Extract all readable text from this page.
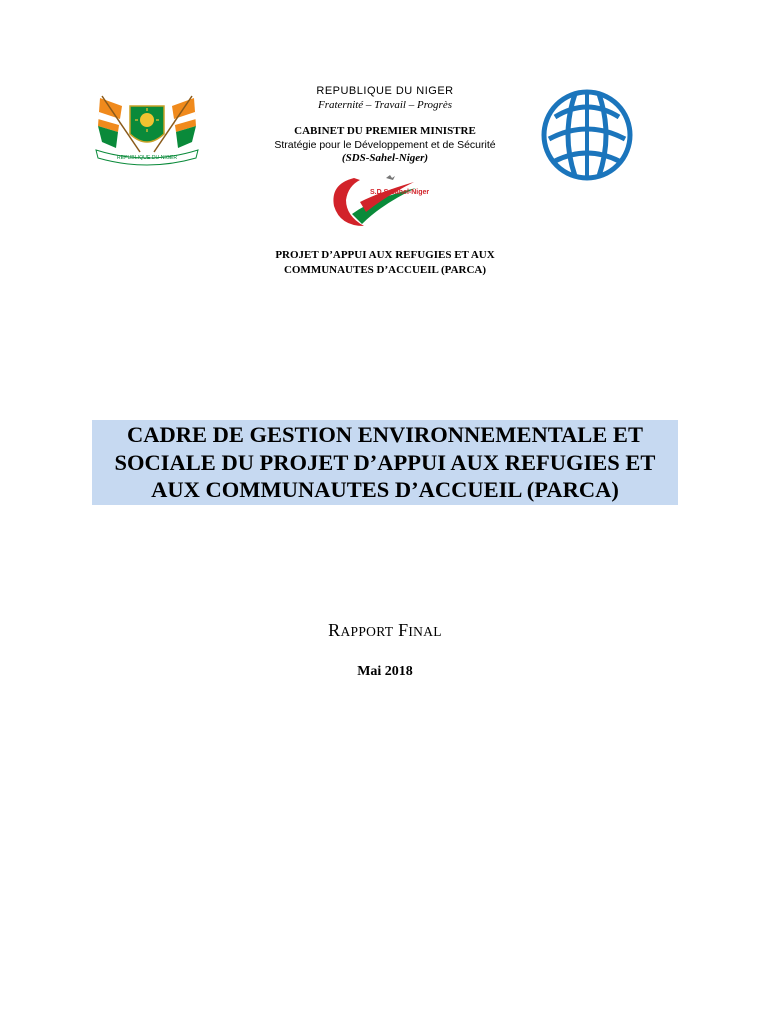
REPUBLIQUE DU NIGER
S.D.S Sahel-Niger
REPUBLIQUE DU NIGER
Fraternité – Travail – Progrès
CABINET DU PREMIER MINISTRE
Stratégie pour le Développement et de Sécurité
(SDS-Sahel-Niger)
PROJET D’APPUI AUX REFUGIES ET AUX
COMMUNAUTES D’ACCUEIL (PARCA)
CADRE DE GESTION ENVIRONNEMENTALE ET
SOCIALE DU PROJET D’APPUI AUX REFUGIES ET
AUX COMMUNAUTES D’ACCUEIL (PARCA)
RAPPORT FINAL
Mai 2018
